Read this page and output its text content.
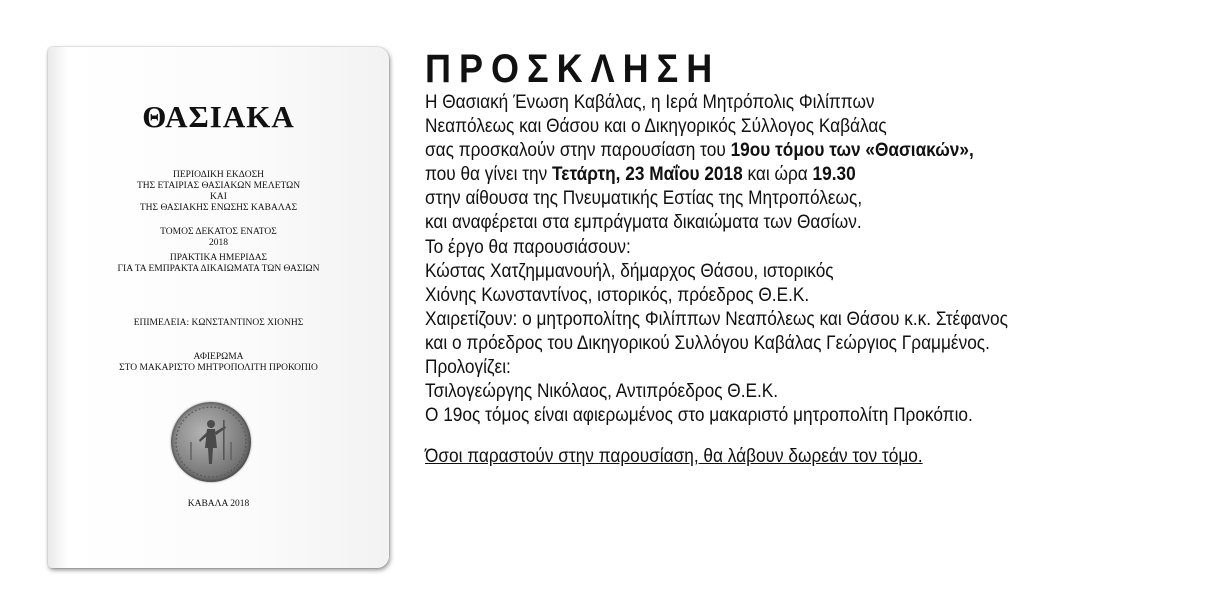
ΘΑΣΙΑΚΑ
ΠΕΡΙΟΔΙΚΗ ΕΚΔΟΣΗ
ΤΗΣ ΕΤΑΙΡΙΑΣ ΘΑΣΙΑΚΩΝ ΜΕΛΕΤΩΝ
ΚΑΙ
ΤΗΣ ΘΑΣΙΑΚΗΣ ΕΝΩΣΗΣ ΚΑΒΑΛΑΣ
ΤΟΜΟΣ ΔΕΚΑΤΟΣ ΕΝΑΤΟΣ
2018
ΠΡΑΚΤΙΚΑ ΗΜΕΡΙΔΑΣ
ΓΙΑ ΤΑ ΕΜΠΡΑΚΤΑ ΔΙΚΑΙΩΜΑΤΑ ΤΩΝ ΘΑΣΙΩΝ
ΕΠΙΜΕΛΕΙΑ: ΚΩΝΣΤΑΝΤΙΝΟΣ ΧΙΟΝΗΣ
ΑΦΙΕΡΩΜΑ
ΣΤΟ ΜΑΚΑΡΙΣΤΟ ΜΗΤΡΟΠΟΛΙΤΗ ΠΡΟΚΟΠΙΟ
ΚΑΒΑΛΑ 2018
ΠΡΟΣΚΛΗΣΗ
Η Θασιακή Ένωση Καβάλας, η Ιερά Μητρόπολις Φιλίππων
Νεαπόλεως και Θάσου και ο Δικηγορικός Σύλλογος Καβάλας
σας προσκαλούν στην παρουσίαση του 19ου τόμου των «Θασιακών»,
που θα γίνει την Τετάρτη, 23 Μαΐου 2018 και ώρα 19.30
στην αίθουσα της Πνευματικής Εστίας της Μητροπόλεως,
και αναφέρεται στα εμπράγματα δικαιώματα των Θασίων.
Το έργο θα παρουσιάσουν:
Κώστας Χατζημμανουήλ, δήμαρχος Θάσου, ιστορικός
Χιόνης Κωνσταντίνος, ιστορικός, πρόεδρος Θ.Ε.Κ.
Χαιρετίζουν: ο μητροπολίτης Φιλίππων Νεαπόλεως και Θάσου κ.κ. Στέφανος
και ο πρόεδρος του Δικηγορικού Συλλόγου Καβάλας Γεώργιος Γραμμένος.
Προλογίζει:
Τσιλογεώργης Νικόλαος, Αντιπρόεδρος Θ.Ε.Κ.
Ο 19ος τόμος είναι αφιερωμένος στο μακαριστό μητροπολίτη Προκόπιο.
Όσοι παραστούν στην παρουσίαση, θα λάβουν δωρεάν τον τόμο.
